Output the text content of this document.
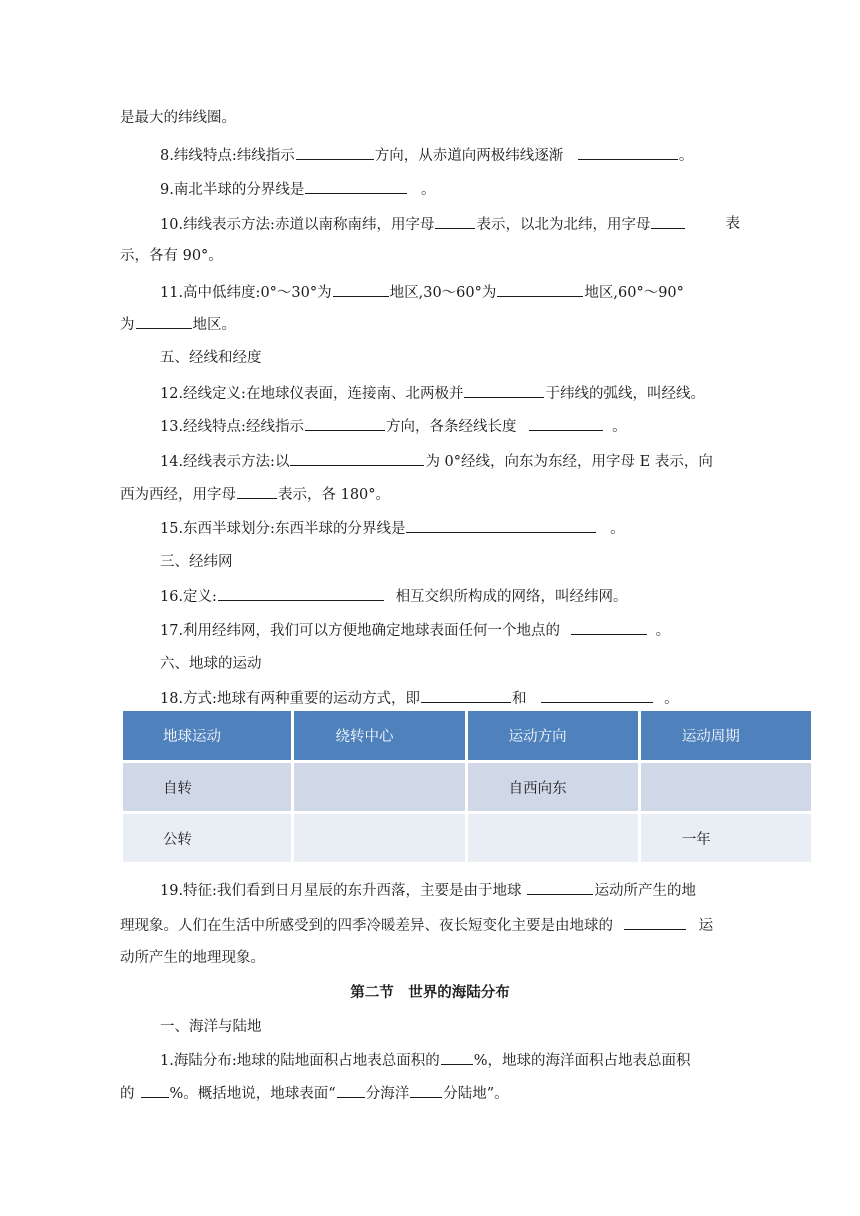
是最大的纬线圈。
8.纬线特点:纬线指示	方向，从赤道向两极纬线逐渐	。
9.南北半球的分界线是	。
10.纬线表示方法:赤道以南称南纬，用字母	表示，以北为北纬，用字母	表
示，各有 90°。
11.高中低纬度:0°～30°为	地区,30～60°为	地区,60°～90°
为	地区。
五、经线和经度
12.经线定义:在地球仪表面，连接南、北两极并	于纬线的弧线，叫经线。
13.经线特点:经线指示	方向，各条经线长度	。
14.经线表示方法:以	为 0°经线，向东为东经，用字母 E 表示，向
西为西经，用字母	表示，各 180°。
15.东西半球划分:东西半球的分界线是	。
三、经纬网
16.定义:	相互交织所构成的网络，叫经纬网。
17.利用经纬网，我们可以方便地确定地球表面任何一个地点的	。
六、地球的运动
18.方式:地球有两种重要的运动方式，即	和	。
地球运动	绕转中心	运动方向	运动周期
自转		自西向东	
公转			一年
19.特征:我们看到日月星辰的东升西落，主要是由于地球	运动所产生的地
理现象。人们在生活中所感受到的四季冷暖差异、夜长短变化主要是由地球的	运
动所产生的地理现象。
第二节　世界的海陆分布
一、海洋与陆地
1.海陆分布:地球的陆地面积占地表总面积的 %，地球的海洋面积占地表总面积
的 %。概括地说，地球表面“ 分海洋 分陆地”。
